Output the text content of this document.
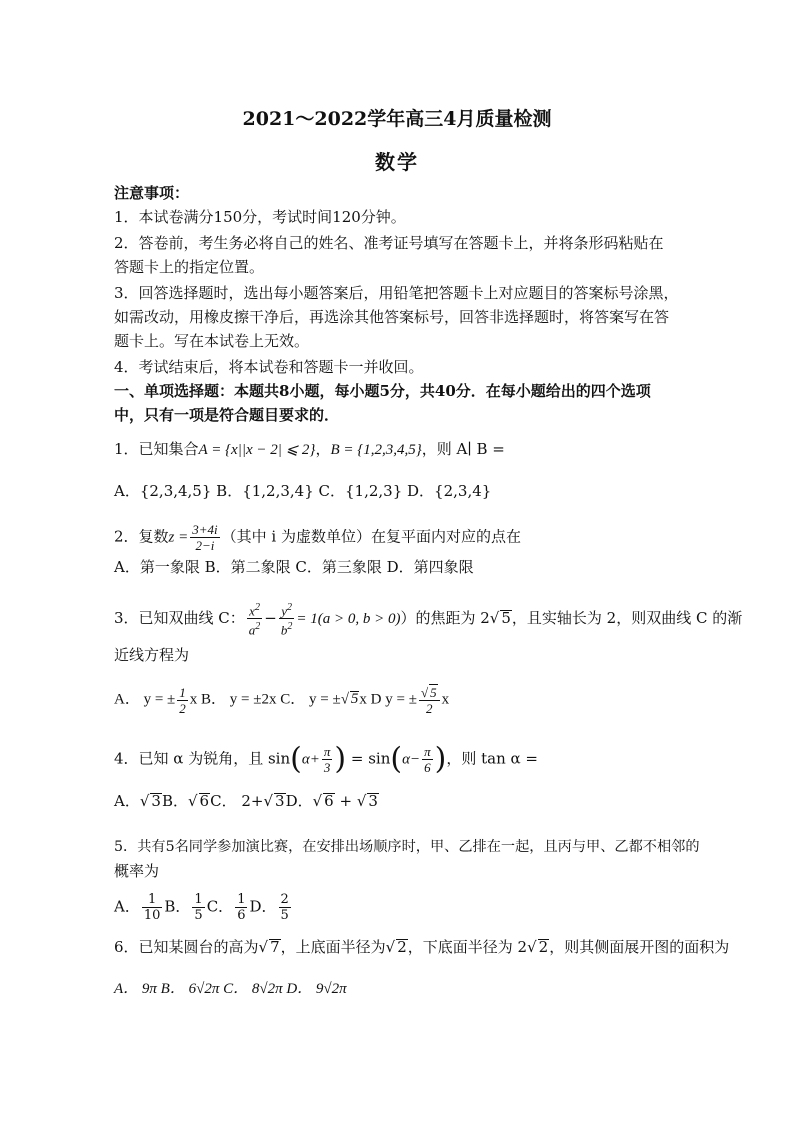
2021～2022学年高三4月质量检测
数学
注意事项：
1．本试卷满分150分，考试时间120分钟。
2．答卷前，考生务必将自己的姓名、准考证号填写在答题卡上，并将条形码粘贴在
答题卡上的指定位置。
3．回答选择题时，选出每小题答案后，用铅笔把答题卡上对应题目的答案标号涂黑，
如需改动，用橡皮擦干净后，再选涂其他答案标号，回答非选择题时，将答案写在答
题卡上。写在本试卷上无效。
4．考试结束后，将本试卷和答题卡一并收回。
一、单项选择题：本题共8小题，每小题5分，共40分．在每小题给出的四个选项
中，只有一项是符合题目要求的．
1．已知集合A = {x||x − 2| ⩽ 2}，B = {1,2,3,4,5}，则 A∣ B =
A．{2,3,4,5} B．{1,2,3,4} C．{1,2,3} D．{2,3,4}
2．复数$z = \frac{3+4i}{2-i}$ （其中 i 为虚数单位）在复平面内对应的点在
A．第一象限 B．第二象限 C．第三象限 D．第四象限
3．已知双曲线 C： $\frac{x^2}{a^2} - \frac{y^2}{b^2} = 1(a > 0$, b > 0)）的焦距为 2√ 5，且实轴长为 2，则双曲线 C 的渐
近线方程为
A． y = ± $\frac{1}{2}$ x B． y = ±2x C． y = ±√ 5x D y = ± $\frac{√ 5}{2}$ x
4．已知 α 为锐角，且 $\sin(\alpha+ \frac{\pi}{3}$ ) = $\sin(\alpha- \frac{\pi}{6}$ )，则 tan α =
A．√ 3B．√ 6C． 2+√ 3D．√ 6 + √ 3
5．共有5名同学参加演比赛，在安排出场顺序时，甲、乙排在一起，且丙与甲、乙都不相邻的
概率为
A． $\frac{1}{10}$ B． $\frac{1}{5}$ C． $\frac{1}{6}$ D． $\frac{2}{5}$
6．已知某圆台的高为√ 7，上底面半径为√ 2，下底面半径为 2√ 2，则其侧面展开图的面积为
A． 9π B． 6√2π C． 8√2π D． 9√2π
